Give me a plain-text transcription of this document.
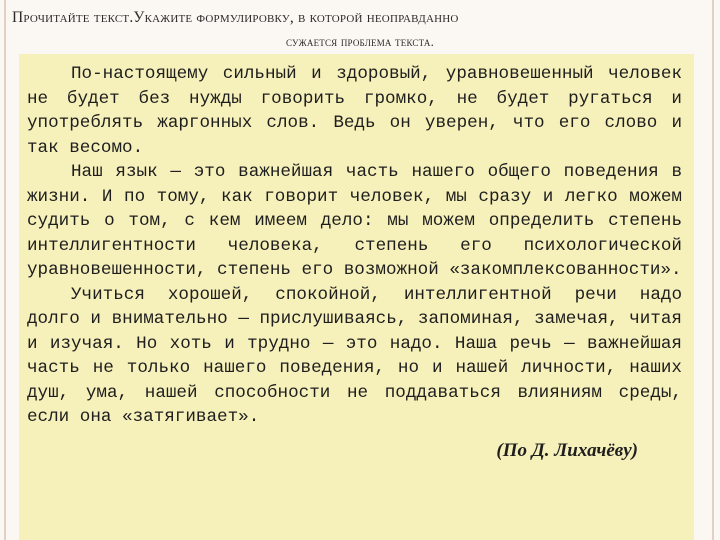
Прочитайте текст.Укажите формулировку, в которой неоправданно
сужается проблема текста.

По-настоящему сильный и здоровый, уравновешенный человек не будет без нужды говорить громко, не будет ругаться и употреблять жаргонных слов. Ведь он уверен, что его слово и так весомо.

Наш язык — это важнейшая часть нашего общего поведения в жизни. И по тому, как говорит человек, мы сразу и легко можем судить о том, с кем имеем дело: мы можем определить степень интеллигентности человека, степень его психологической уравновешенности, степень его возможной «закомплексованности».

Учиться хорошей, спокойной, интеллигентной речи надо долго и внимательно — прислушиваясь, запоминая, замечая, читая и изучая. Но хоть и трудно — это надо. Наша речь — важнейшая часть не только нашего поведения, но и нашей личности, наших душ, ума, нашей способности не поддаваться влияниям среды, если она «затягивает».

(По Д. Лихачёву)
